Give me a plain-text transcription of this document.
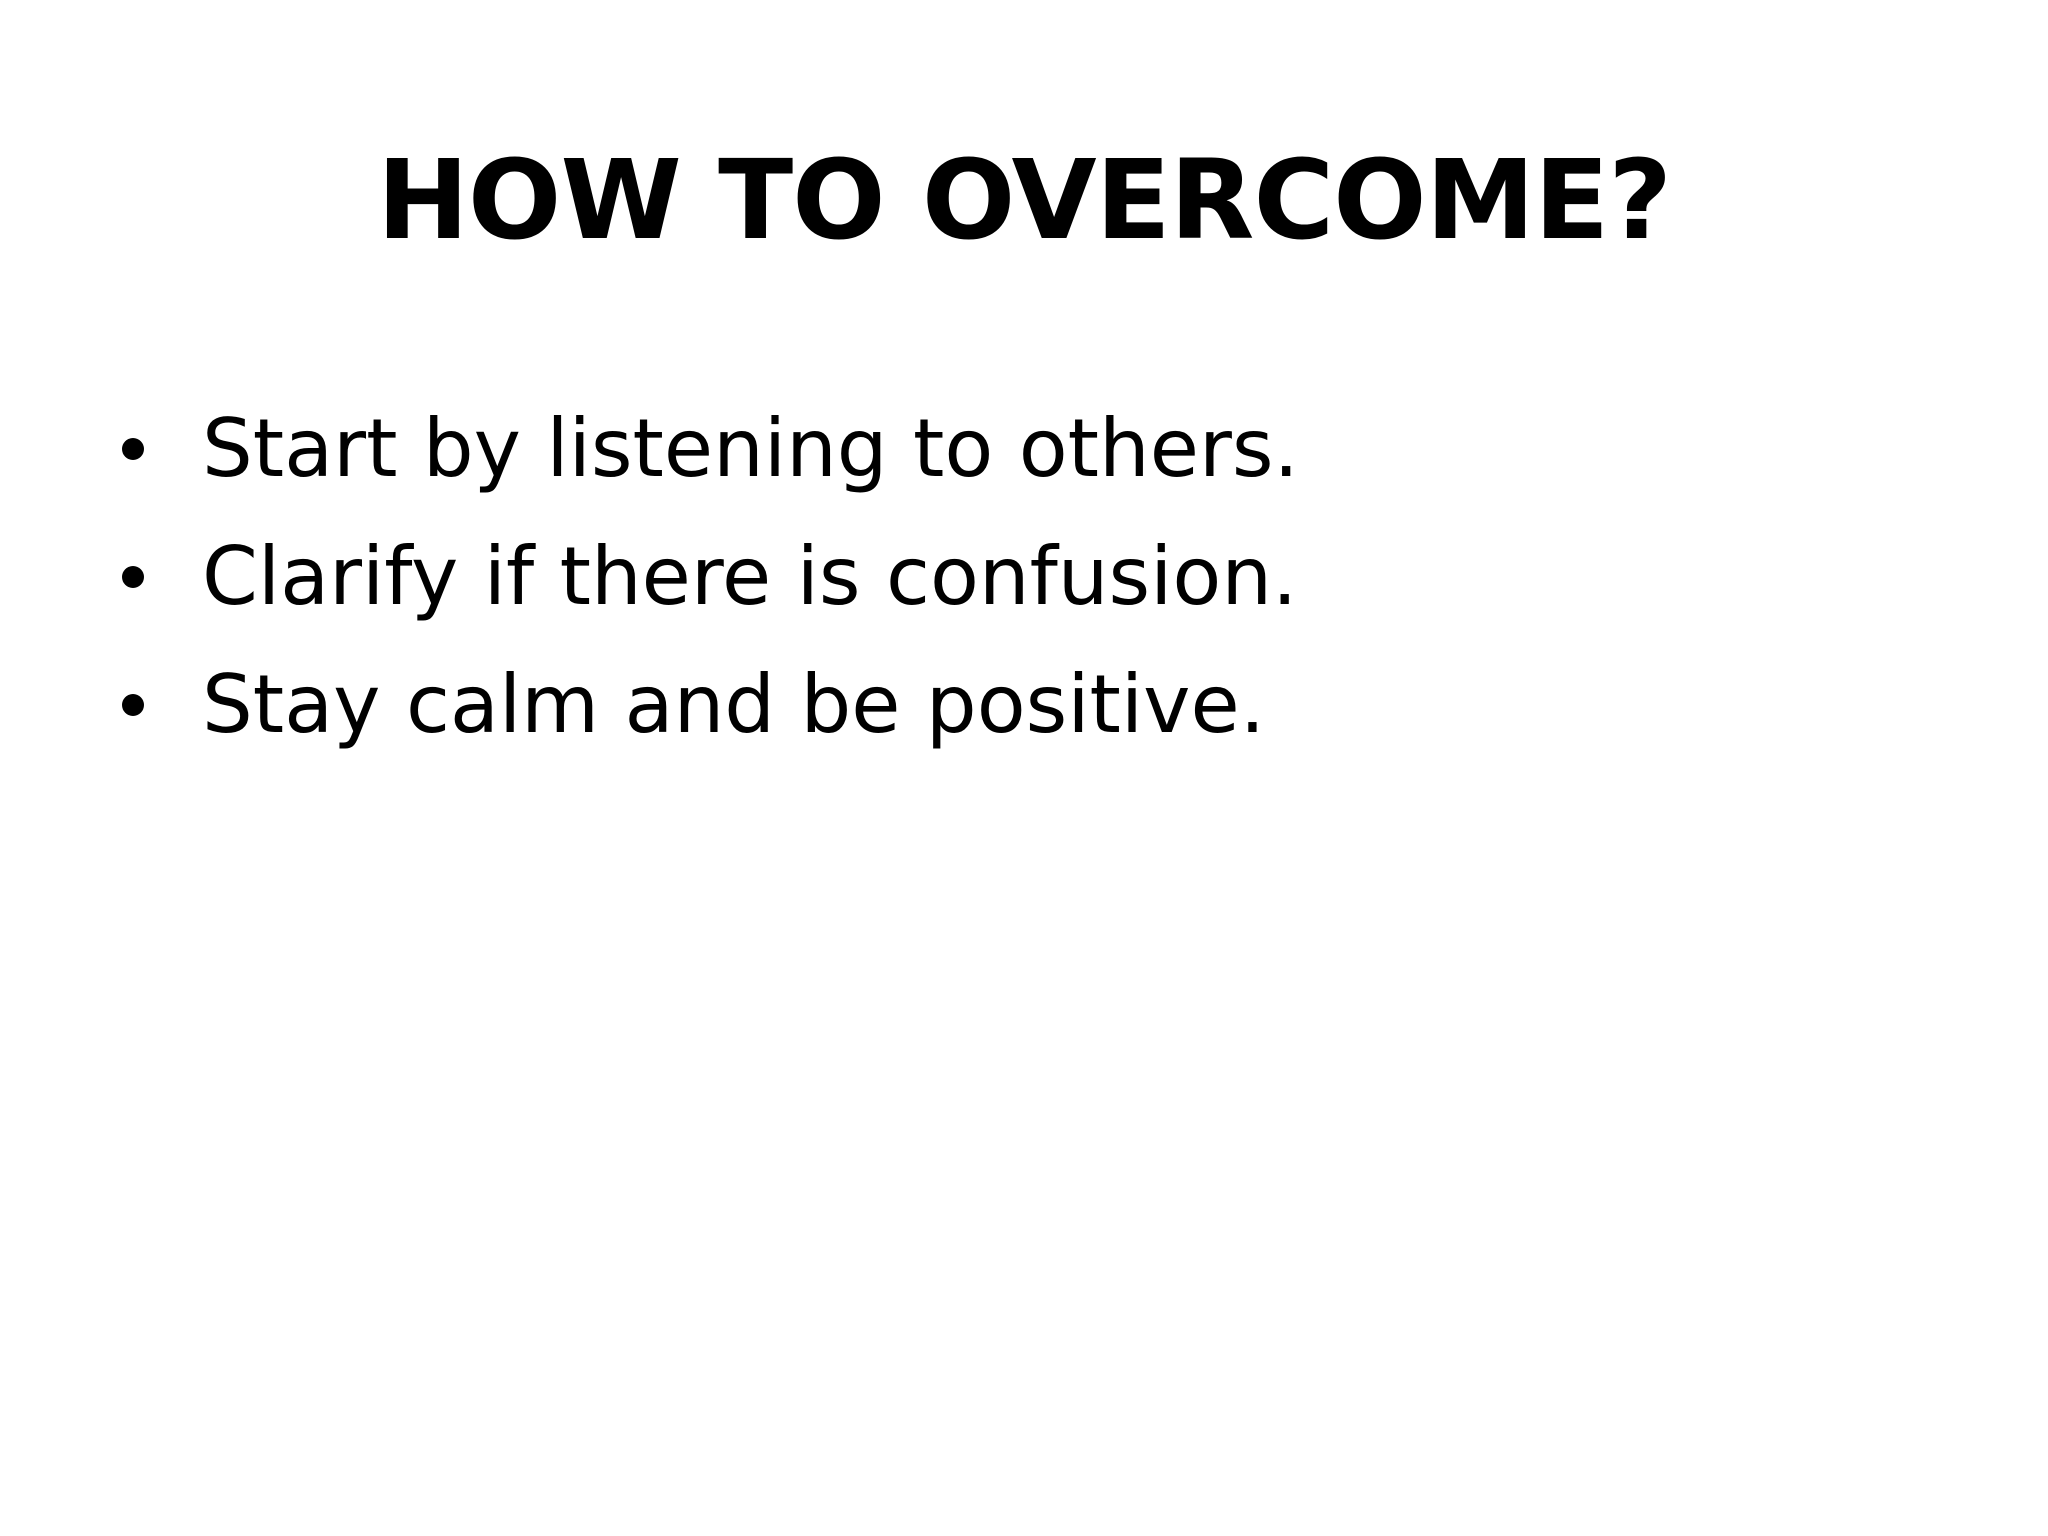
HOW TO OVERCOME?
Start by listening to others.
Clarify if there is confusion.
Stay calm and be positive.
